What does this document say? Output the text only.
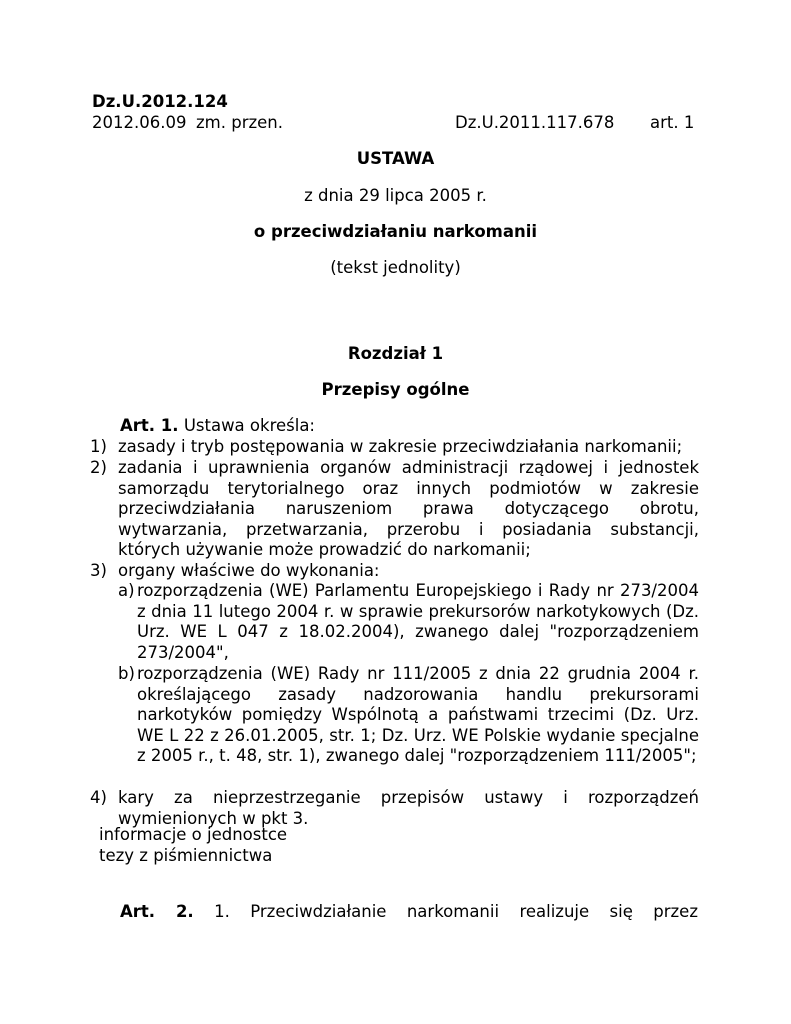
Dz.U.2012.124
2012.06.09 zm. przen.	Dz.U.2011.117.678 art. 1
USTAWA
z dnia 29 lipca 2005 r.
o przeciwdziałaniu narkomanii
(tekst jednolity)
Rozdział 1
Przepisy ogólne
Art. 1. Ustawa określa:
1) zasady i tryb postępowania w zakresie przeciwdziałania narkomanii;
2) zadania i uprawnienia organów administracji rządowej i jednostek samorządu terytorialnego oraz innych podmiotów w zakresie przeciwdziałania naruszeniom prawa dotyczącego obrotu, wytwarzania, przetwarzania, przerobu i posiadania substancji, których używanie może prowadzić do narkomanii;
3) organy właściwe do wykonania:
a) rozporządzenia (WE) Parlamentu Europejskiego i Rady nr 273/2004 z dnia 11 lutego 2004 r. w sprawie prekursorów narkotykowych (Dz. Urz. WE L 047 z 18.02.2004), zwanego dalej "rozporządzeniem 273/2004",
b) rozporządzenia (WE) Rady nr 111/2005 z dnia 22 grudnia 2004 r. określającego zasady nadzorowania handlu prekursorami narkotyków pomiędzy Wspólnotą a państwami trzecimi (Dz. Urz. WE L 22 z 26.01.2005, str. 1; Dz. Urz. WE Polskie wydanie specjalne z 2005 r., t. 48, str. 1), zwanego dalej "rozporządzeniem 111/2005";
4) kary za nieprzestrzeganie przepisów ustawy i rozporządzeń wymienionych w pkt 3.
informacje o jednostce
tezy z piśmiennictwa
Art. 2. 1. Przeciwdziałanie narkomanii realizuje się przez
